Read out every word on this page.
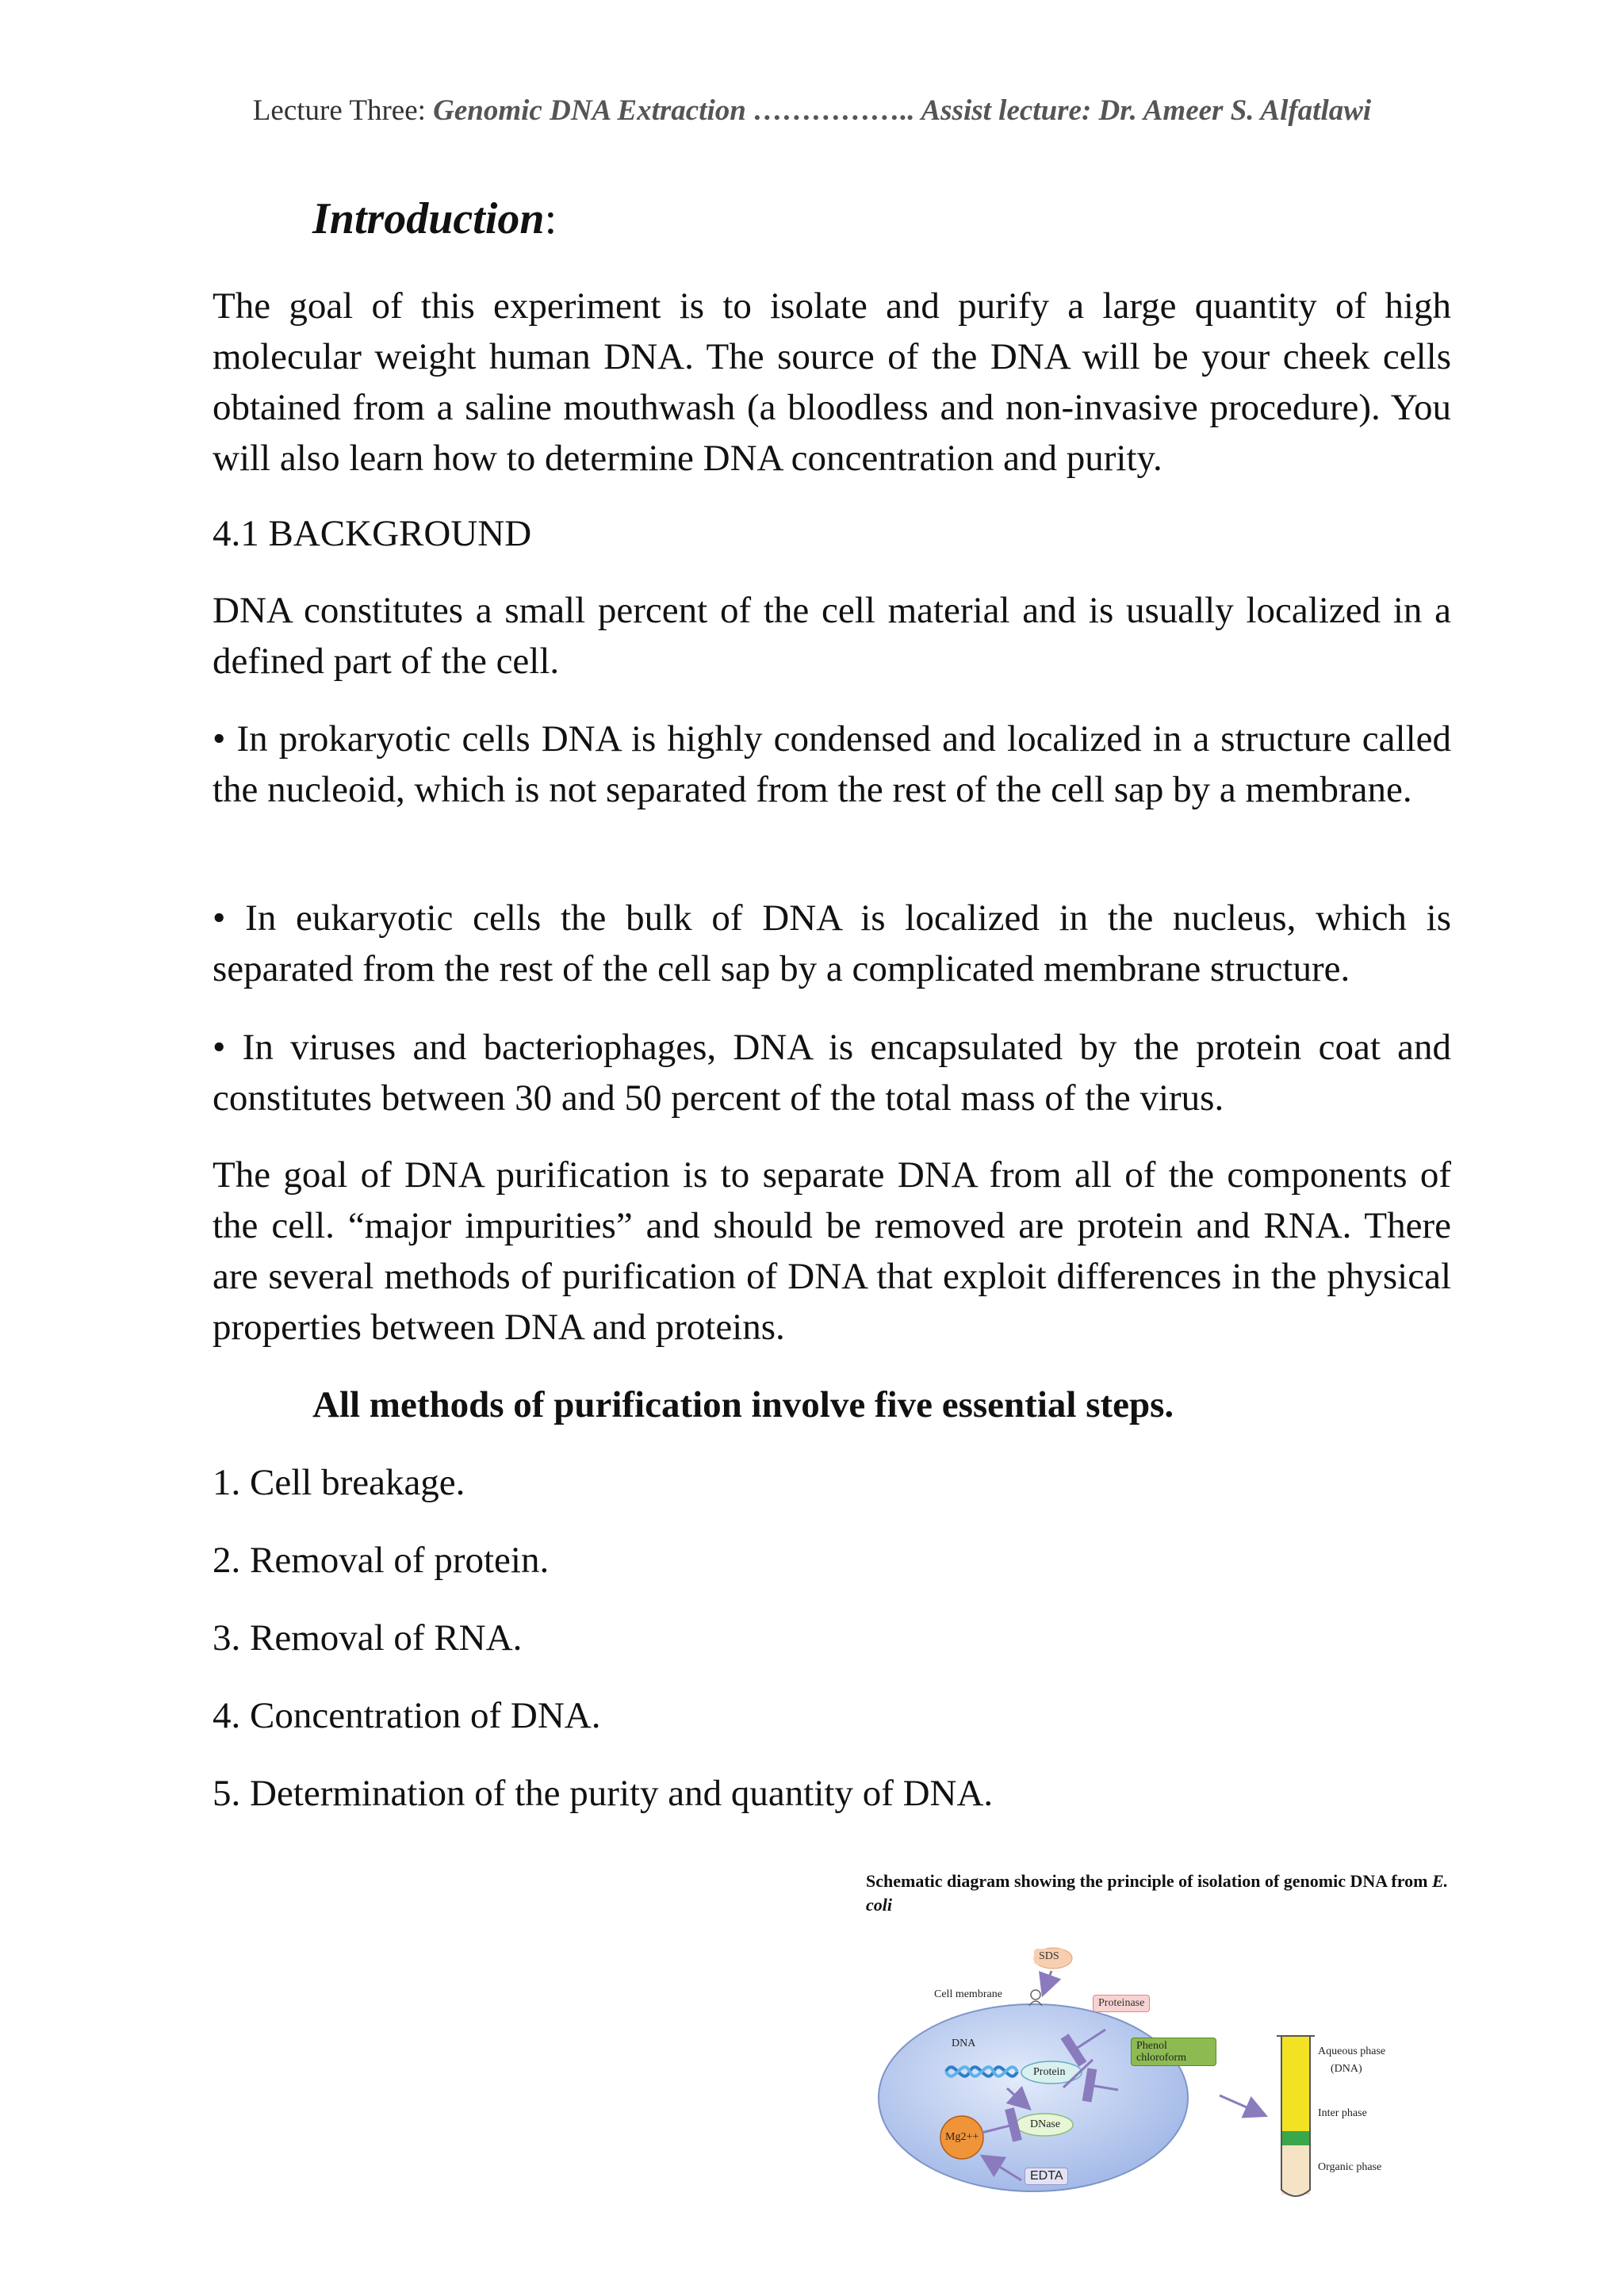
Lecture Three: Genomic DNA Extraction …………….. Assist lecture: Dr. Ameer S. Alfatlawi
Introduction:
The goal of this experiment is to isolate and purify a large quantity of high molecular weight human DNA. The source of the DNA will be your cheek cells obtained from a saline mouthwash (a bloodless and non-invasive procedure). You will also learn how to determine DNA concentration and purity.
4.1 BACKGROUND
DNA constitutes a small percent of the cell material and is usually localized in a defined part of the cell.
• In prokaryotic cells DNA is highly condensed and localized in a structure called the nucleoid, which is not separated from the rest of the cell sap by a membrane.
• In eukaryotic cells the bulk of DNA is localized in the nucleus, which is separated from the rest of the cell sap by a complicated membrane structure.
• In viruses and bacteriophages, DNA is encapsulated by the protein coat and constitutes between 30 and 50 percent of the total mass of the virus.
The goal of DNA purification is to separate DNA from all of the components of the cell. “major impurities” and should be removed are protein and RNA. There are several methods of purification of DNA that exploit differences in the physical properties between DNA and proteins.
All methods of purification involve five essential steps.
1. Cell breakage.
2. Removal of protein.
3. Removal of RNA.
4. Concentration of DNA.
5. Determination of the purity and quantity of DNA.
Schematic diagram showing the principle of isolation of genomic DNA from E. coli
SDS
Cell membrane
Proteinase
DNA
Protein
Phenol
chloroform
DNase
Mg2++
EDTA
Aqueous phase
(DNA)
Inter phase
Organic phase
